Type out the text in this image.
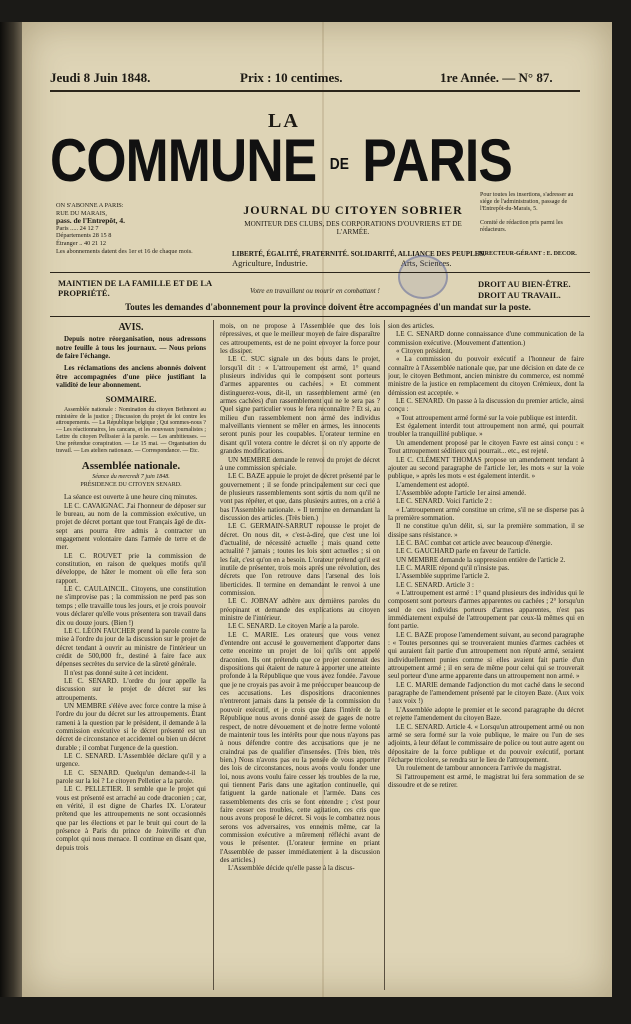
Jeudi 8 Juin 1848.	Prix : 10 centimes.	1re Année. — N° 87.
LA
COMMUNE DE PARIS
ON S'ABONNE A PARIS:
RUE DU MARAIS,
pass. de l'Entrepôt, 4.
Paris ..... 24 12 7
Départements 28 15 8
Étranger .. 40 21 12
Les abonnements datent des 1er et 16 de chaque mois.
JOURNAL DU CITOYEN SOBRIER
MONITEUR DES CLUBS, DES CORPORATIONS D'OUVRIERS ET DE L'ARMÉE.
Pour toutes les insertions, s'adresser au siége de l'administration, passage de l'Entrepôt-du-Marais, 5.
Comité de rédaction pris parmi les rédacteurs.
LIBERTÉ, ÉGALITÉ, FRATERNITÉ. SOLIDARITÉ, ALLIANCE DES PEUPLES.
Agriculture, Industrie.                                            Arts, Sciences.
DIRECTEUR-GÉRANT : E. DECOR.
MAINTIEN DE LA FAMILLE ET DE LA PROPRIÉTÉ.	Votre en travaillant ou mourir en combattant !
DROIT AU BIEN-ÊTRE. DROIT AU TRAVAIL.
Toutes les demandes d'abonnement pour la province doivent être accompagnées d'un mandat sur la poste.
AVIS.

Depuis notre réorganisation, nous adressons notre feuille à tous les journaux. — Nous prions de faire l'échange.

Les réclamations des anciens abonnés doivent être accompagnées d'une pièce justifiant la validité de leur abonnement.

SOMMAIRE.

Assemblée nationale : Nomination du citoyen Bethmont au ministère de la justice ; Discussion du projet de loi contre les attroupements. — La République belgique ; Qui sommes-nous ? — Les réactionnaires, les cancans, et les nouveaux journalistes ; Lettre du citoyen Pellissier à la parole. — Les ambitieuses. — Une prétendue conspiration. — Le 15 mai. — Organisation du travail. — Les ateliers nationaux. — Correspondance. — Etc.

Assemblée nationale.
Séance du mercredi 7 juin 1848.
PRÉSIDENCE DU CITOYEN SENARD.

La séance est ouverte à une heure cinq minutes.

LE C. CAVAIGNAC. J'ai l'honneur de déposer sur le bureau, au nom de la commission exécutive, un projet de décret portant que tout Français âgé de dix-sept ans pourra être admis à contracter un engagement volontaire dans l'armée de terre et de mer.

LE C. ROUVET prie la commission de constitution, en raison de quelques motifs qu'il développe, de hâter le moment où elle fera son rapport.

LE C. CAULAINCIL. Citoyens, une constitution ne s'improvise pas ; la commission ne perd pas son temps ; elle travaille tous les jours, et je crois pouvoir vous déclarer qu'elle vous présentera son travail dans dix ou douze jours. (Bien !)

LE C. LÉON FAUCHER prend la parole contre la mise à l'ordre du jour de la discussion sur le projet de décret tendant à ouvrir au ministre de l'intérieur un crédit de 500,000 fr., destiné à faire face aux dépenses secrètes du service de la sûreté générale.

Il n'est pas donné suite à cet incident.

LE C. SENARD. L'ordre du jour appelle la discussion sur le projet de décret sur les attroupements.

UN MEMBRE s'élève avec force contre la mise à l'ordre du jour du décret sur les attroupements. Étant rameni à la question par le président, il demande à la commission exécutive si le décret présenté est un décret de circonstance et accidentel ou bien un décret durable ; il combat l'urgence de la question.

LE C. SENARD. L'Assemblée déclare qu'il y a urgence.

LE C. SENARD. Quelqu'un demande-t-il la parole sur la loi ? Le citoyen Pelletier a la parole.

LE C. PELLETIER. Il semble que le projet qui vous est présenté est arraché au code draconien ; car, en vérité, il est digne de Charles IX. L'orateur prétend que les attroupements ne sont occasionnés que par les élections et par le bruit qui court de la présence à Paris du prince de Joinville et d'un complot qui nous menace. Il continue en disant que, depuis trois

mois, on ne propose à l'Assemblée que des lois répressives, et que le meilleur moyen de faire disparaître ces attroupements, est de ne point envoyer la force pour les dissiper.

LE C. SUC signale un des bouts dans le projet, lorsqu'il dit : « L'attroupement est armé, 1° quand plusieurs individus qui le composent sont porteurs d'armes apparentes ou cachées. » Et comment distinguerez-vous, dit-il, un rassemblement armé (en armes cachées) d'un rassemblement qui ne le sera pas ? Quel signe particulier vous le fera reconnaître ? Et si, au milieu d'un rassemblement non armé des individus malveillants viennent se mêler en armes, les innocents seront punis pour les coupables. L'orateur termine en disant qu'il votera contre le décret si on n'y apporte de grandes modifications.

UN MEMBRE demande le renvoi du projet de décret à une commission spéciale.

LE C. BAZE appuie le projet de décret présenté par le gouvernement ; il se fonde principalement sur ceci que de plusieurs rassemblements sont sortis du nom qu'il ne vont pas répéter, et que, dans plusieurs autres, on a crié à bas l'Assemblée nationale. » Il termine en demandant la discussion des articles. (Très bien.)

LE C. GERMAIN-SARRUT repousse le projet de décret. On nous dit, « c'est-à-dire, que c'est une loi d'actualité, de nécessité actuelle ; mais quand cette actualité ? jamais ; toutes les lois sont actuelles ; si on les fait, c'est qu'on en a besoin. L'orateur prétend qu'il est inutile de présenter, trois mois après une révolution, des décrets que l'on retrouve dans l'arsenal des lois liberticides. Il termine en demandant le renvoi à une commission.

LE C. JOBNAY adhère aux dernières paroles du préopinant et demande des explications au citoyen ministre de l'intérieur.

LE C. SENARD. Le citoyen Marie a la parole.

LE C. MARIE. Les orateurs que vous venez d'entendre ont accusé le gouvernement d'apporter dans cette enceinte un projet de loi qu'ils ont appelé draconien. Ils ont prétendu que ce projet contenait des dispositions qui étaient de nature à apporter une atteinte profonde à la République que vous avez fondée. J'avoue que je ne croyais pas avoir à me préoccuper beaucoup de ces accusations. Les dispositions draconiennes n'entreront jamais dans la pensée de la commission du pouvoir exécutif, et je crois que dans l'intérêt de la République nous avons donné assez de gages de notre respect, de notre dévouement et de notre ferme volonté de maintenir tous les intérêts pour que nous n'ayons pas à nous défendre contre des accusations que je ne craindrai pas de qualifier d'insensées. (Très bien, très bien.) Nous n'avons pas eu la pensée de vous apporter des lois de circonstances, nous avons voulu fonder une loi, nous avons voulu faire cesser les troubles de la rue, qui tiennent Paris dans une agitation continuelle, qui fatiguent la garde nationale et l'armée. Dans ces rassemblements des cris se font entendre ; c'est pour faire cesser ces troubles, cette agitation, ces cris que nous avons proposé le décret. Si vous le combattez nous serons vos adversaires, vos ennemis même, car la commission exécutive a mûrement réfléchi avant de vous le présenter. (L'orateur termine en priant l'Assemblée de passer immédiatement à la discussion des articles.)

L'Assemblée décide qu'elle passe à la discus-

sion des articles.

LE C. SENARD donne connaissance d'une communication de la commission exécutive. (Mouvement d'attention.)

« Citoyen président,

« La commission du pouvoir exécutif a l'honneur de faire connaître à l'Assemblée nationale que, par une décision en date de ce jour, le citoyen Bethmont, ancien ministre du commerce, est nommé ministre de la justice en remplacement du citoyen Crémieux, dont la démission est acceptée. »

LE C. SENARD. On passe à la discussion du premier article, ainsi conçu :

« Tout attroupement armé formé sur la voie publique est interdit.

Est également interdit tout attroupement non armé, qui pourrait troubler la tranquillité publique. »

Un amendement proposé par le citoyen Favre est ainsi conçu : « Tout attroupement séditieux qui pourrait... etc., est rejeté.

LE C. CLÉMENT THOMAS propose un amendement tendant à ajouter au second paragraphe de l'article 1er, les mots « sur la voie publique, » après les mots « est également interdit. »

L'amendement est adopté.

L'Assemblée adopte l'article 1er ainsi amendé.

LE C. SENARD. Voici l'article 2 :

« L'attroupement armé constitue un crime, s'il ne se disperse pas à la première sommation.

Il ne constitue qu'un délit, si, sur la première sommation, il se dissipe sans résistance. »

LE C. BAC combat cet article avec beaucoup d'énergie.

LE C. GAUCHARD parle en faveur de l'article.

UN MEMBRE demande la suppression entière de l'article 2.

LE C. MARIE répond qu'il n'insiste pas.

L'Assemblée supprime l'article 2.

LE C. SENARD. Article 3 :

« L'attroupement est armé : 1° quand plusieurs des individus qui le composent sont porteurs d'armes apparentes ou cachées ; 2° lorsqu'un seul de ces individus porteurs d'armes apparentes, n'est pas immédiatement expulsé de l'attroupement par ceux-là mêmes qui en font partie.

LE C. BAZE propose l'amendement suivant, au second paragraphe : « Toutes personnes qui se trouveraient munies d'armes cachées et qui auraient fait partie d'un attroupement non réputé armé, seraient individuellement punies comme si elles avaient fait partie d'un attroupement armé ; il en sera de même pour celui qui se trouverait seul porteur d'une arme apparente dans un attroupement non armé. »

LE C. MARIE demande l'adjonction du mot caché dans le second paragraphe de l'amendement présenté par le citoyen Baze. (Aux voix ! aux voix !)

L'Assemblée adopte le premier et le second paragraphe du décret et rejette l'amendement du citoyen Baze.

LE C. SENARD. Article 4. « Lorsqu'un attroupement armé ou non armé se sera formé sur la voie publique, le maire ou l'un de ses adjoints, à leur défaut le commissaire de police ou tout autre agent ou dépositaire de la force publique et du pouvoir exécutif, portant l'écharpe tricolore, se rendra sur le lieu de l'attroupement.

Un roulement de tambour annoncera l'arrivée du magistrat.

Si l'attroupement est armé, le magistrat lui fera sommation de se dissoudre et de se retirer.
